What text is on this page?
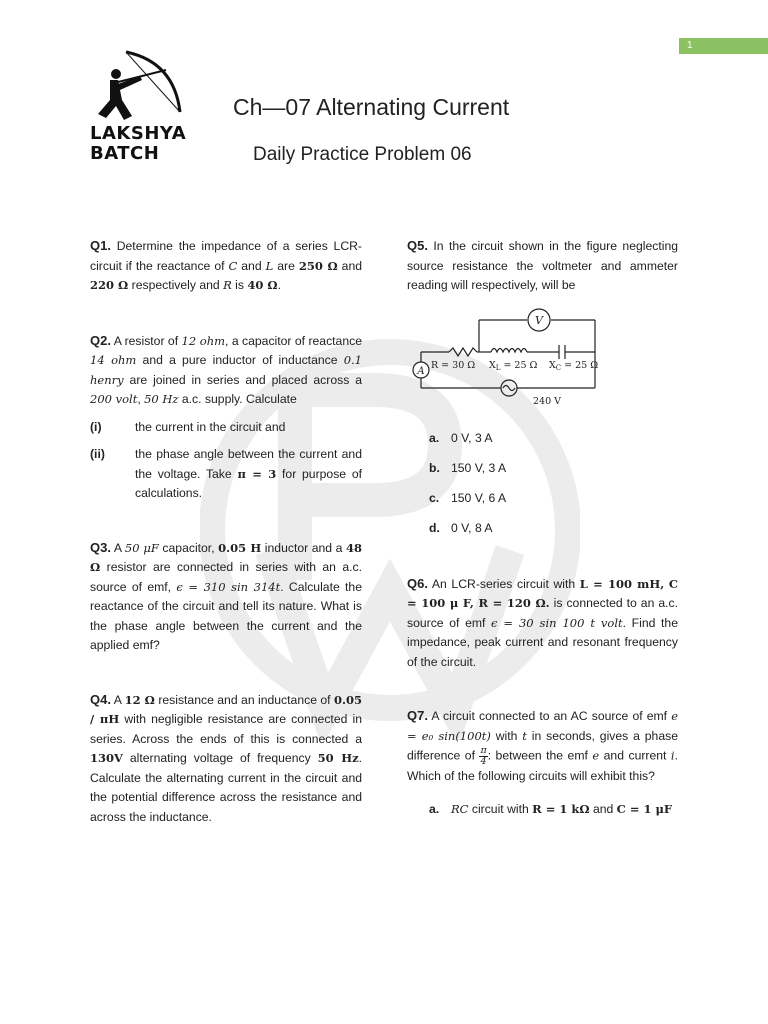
1
LAKSHYA
BATCH
Ch—07 Alternating Current
Daily Practice Problem 06

Q1. Determine the impedance of a series LCR-circuit if the reactance of C and L are 250 Ω and 220 Ω respectively and R is 40 Ω.

Q2. A resistor of 12 ohm, a capacitor of reactance 14 ohm and a pure inductor of inductance 0.1 henry are joined in series and placed across a 200 volt, 50 Hz a.c. supply. Calculate

(i)	the current in the circuit and
(ii)	the phase angle between the current and the voltage. Take π = 3 for purpose of calculations.

Q3. A 50 μF capacitor, 0.05 H inductor and a 48 Ω resistor are connected in series with an a.c. source of emf, ϵ = 310 sin 314t. Calculate the reactance of the circuit and tell its nature. What is the phase angle between the current and the applied emf?

Q4. A 12 Ω resistance and an inductance of 0.05 / πH with negligible resistance are connected in series. Across the ends of this is connected a 130V alternating voltage of frequency 50 Hz. Calculate the alternating current in the circuit and the potential difference across the resistance and across the inductance.

Q5. In the circuit shown in the figure neglecting source resistance the voltmeter and ammeter reading will respectively, will be

V
A
R = 30 Ω $X_L = 25$ Ω $X_C = 25$ Ω
240 V
a. 0 V, 3 A
b. 150 V, 3 A
c. 150 V, 6 A
d. 0 V, 8 A

Q6. An LCR-series circuit with L = 100 mH, C = 100 μ F, R = 120 Ω. is connected to an a.c. source of emf ϵ = 30 sin 100 t volt. Find the impedance, peak current and resonant frequency of the circuit.

Q7. A circuit connected to an AC source of emf e = e₀ sin(100t) with t in seconds, gives a phase difference of $\frac{\pi}{4}$ : between the emf e and current i. Which of the following circuits will exhibit this?

a.	RC circuit with R = 1 kΩ and C = 1 μF
